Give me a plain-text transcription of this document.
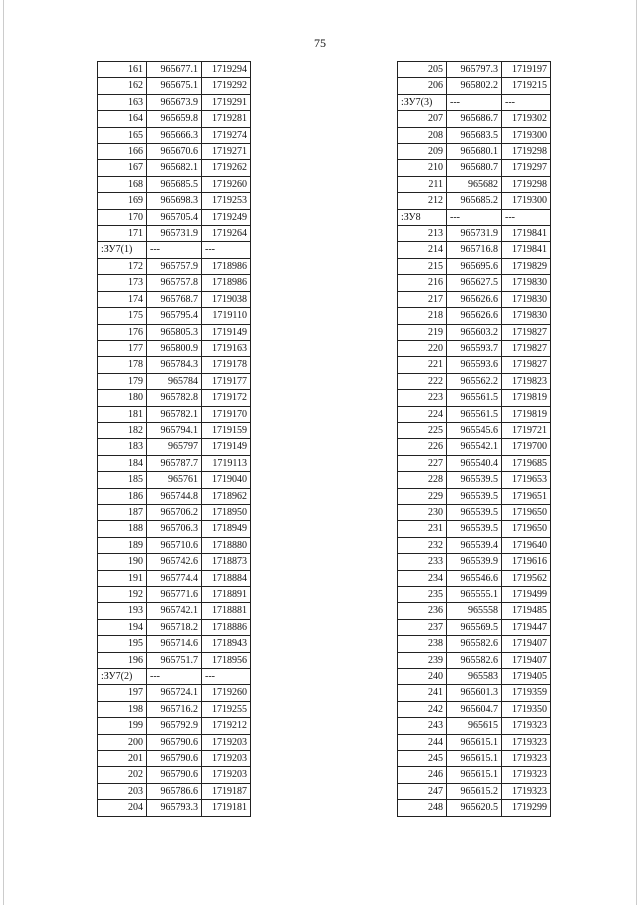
75
161	965677.1	1719294
162	965675.1	1719292
163	965673.9	1719291
164	965659.8	1719281
165	965666.3	1719274
166	965670.6	1719271
167	965682.1	1719262
168	965685.5	1719260
169	965698.3	1719253
170	965705.4	1719249
171	965731.9	1719264
:ЗУ7(1)	---	---
172	965757.9	1718986
173	965757.8	1718986
174	965768.7	1719038
175	965795.4	1719110
176	965805.3	1719149
177	965800.9	1719163
178	965784.3	1719178
179	965784	1719177
180	965782.8	1719172
181	965782.1	1719170
182	965794.1	1719159
183	965797	1719149
184	965787.7	1719113
185	965761	1719040
186	965744.8	1718962
187	965706.2	1718950
188	965706.3	1718949
189	965710.6	1718880
190	965742.6	1718873
191	965774.4	1718884
192	965771.6	1718891
193	965742.1	1718881
194	965718.2	1718886
195	965714.6	1718943
196	965751.7	1718956
:ЗУ7(2)	---	---
197	965724.1	1719260
198	965716.2	1719255
199	965792.9	1719212
200	965790.6	1719203
201	965790.6	1719203
202	965790.6	1719203
203	965786.6	1719187
204	965793.3	1719181
205	965797.3	1719197
206	965802.2	1719215
:ЗУ7(3)	---	---
207	965686.7	1719302
208	965683.5	1719300
209	965680.1	1719298
210	965680.7	1719297
211	965682	1719298
212	965685.2	1719300
:ЗУ8	---	---
213	965731.9	1719841
214	965716.8	1719841
215	965695.6	1719829
216	965627.5	1719830
217	965626.6	1719830
218	965626.6	1719830
219	965603.2	1719827
220	965593.7	1719827
221	965593.6	1719827
222	965562.2	1719823
223	965561.5	1719819
224	965561.5	1719819
225	965545.6	1719721
226	965542.1	1719700
227	965540.4	1719685
228	965539.5	1719653
229	965539.5	1719651
230	965539.5	1719650
231	965539.5	1719650
232	965539.4	1719640
233	965539.9	1719616
234	965546.6	1719562
235	965555.1	1719499
236	965558	1719485
237	965569.5	1719447
238	965582.6	1719407
239	965582.6	1719407
240	965583	1719405
241	965601.3	1719359
242	965604.7	1719350
243	965615	1719323
244	965615.1	1719323
245	965615.1	1719323
246	965615.1	1719323
247	965615.2	1719323
248	965620.5	1719299
